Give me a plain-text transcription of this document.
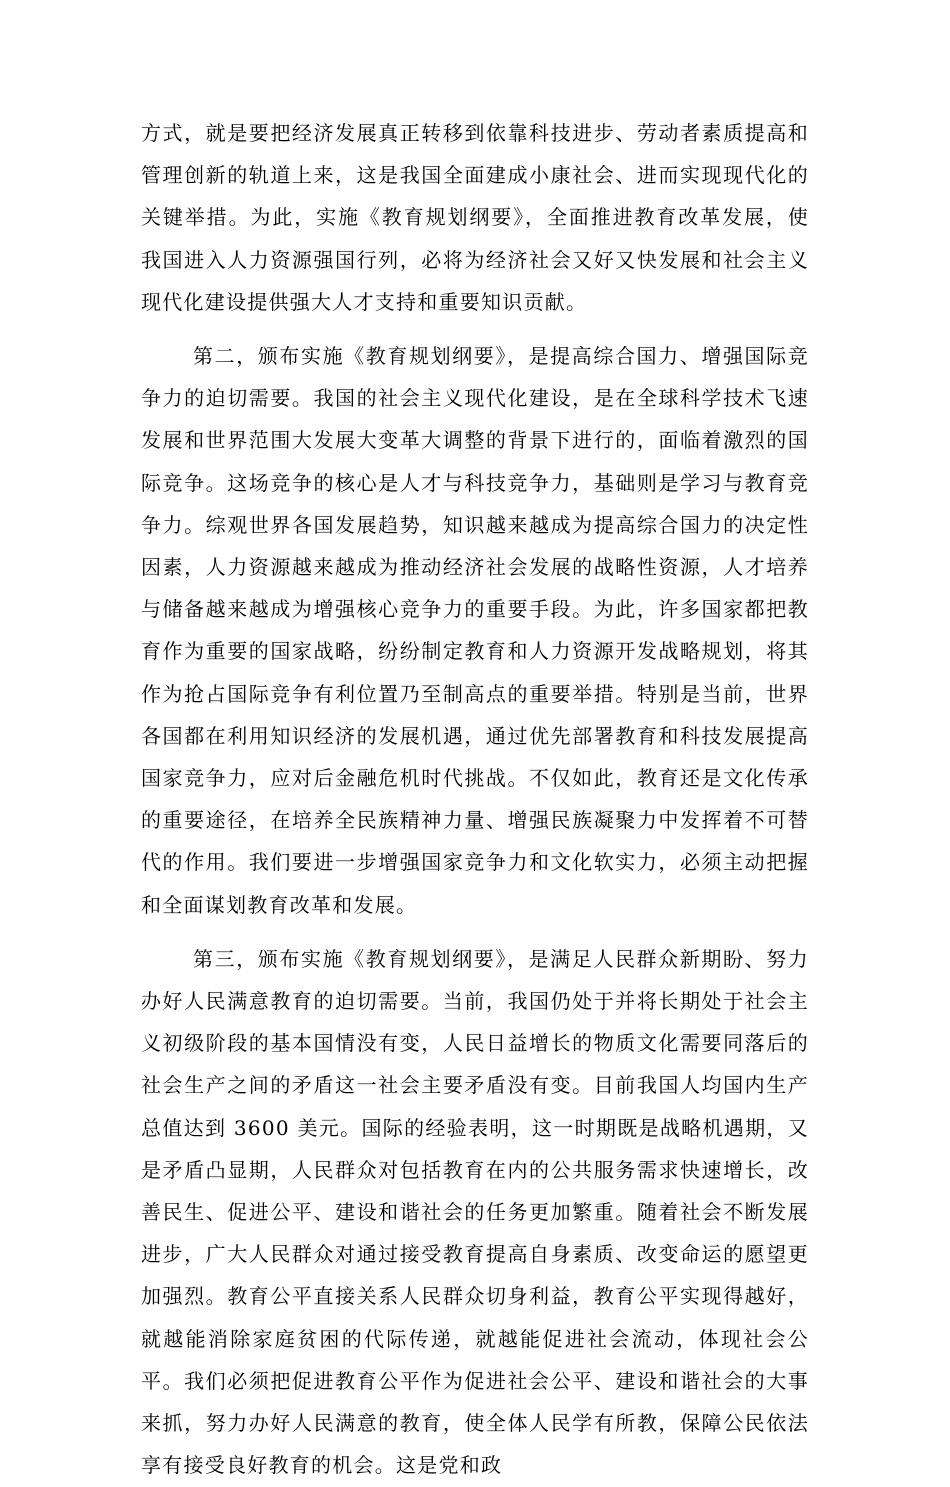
方式，就是要把经济发展真正转移到依靠科技进步、劳动者素质提高和管理创新的轨道上来，这是我国全面建成小康社会、进而实现现代化的关键举措。为此，实施《教育规划纲要》，全面推进教育改革发展，使我国进入人力资源强国行列，必将为经济社会又好又快发展和社会主义现代化建设提供强大人才支持和重要知识贡献。

第二，颁布实施《教育规划纲要》，是提高综合国力、增强国际竞争力的迫切需要。我国的社会主义现代化建设，是在全球科学技术飞速发展和世界范围大发展大变革大调整的背景下进行的，面临着激烈的国际竞争。这场竞争的核心是人才与科技竞争力，基础则是学习与教育竞争力。综观世界各国发展趋势，知识越来越成为提高综合国力的决定性因素，人力资源越来越成为推动经济社会发展的战略性资源，人才培养与储备越来越成为增强核心竞争力的重要手段。为此，许多国家都把教育作为重要的国家战略，纷纷制定教育和人力资源开发战略规划，将其作为抢占国际竞争有利位置乃至制高点的重要举措。特别是当前，世界各国都在利用知识经济的发展机遇，通过优先部署教育和科技发展提高国家竞争力，应对后金融危机时代挑战。不仅如此，教育还是文化传承的重要途径，在培养全民族精神力量、增强民族凝聚力中发挥着不可替代的作用。我们要进一步增强国家竞争力和文化软实力，必须主动把握和全面谋划教育改革和发展。

第三，颁布实施《教育规划纲要》，是满足人民群众新期盼、努力办好人民满意教育的迫切需要。当前，我国仍处于并将长期处于社会主义初级阶段的基本国情没有变，人民日益增长的物质文化需要同落后的社会生产之间的矛盾这一社会主要矛盾没有变。目前我国人均国内生产总值达到 3600 美元。国际的经验表明，这一时期既是战略机遇期，又是矛盾凸显期，人民群众对包括教育在内的公共服务需求快速增长，改善民生、促进公平、建设和谐社会的任务更加繁重。随着社会不断发展进步，广大人民群众对通过接受教育提高自身素质、改变命运的愿望更加强烈。教育公平直接关系人民群众切身利益，教育公平实现得越好，就越能消除家庭贫困的代际传递，就越能促进社会流动，体现社会公平。我们必须把促进教育公平作为促进社会公平、建设和谐社会的大事来抓，努力办好人民满意的教育，使全体人民学有所教，保障公民依法享有接受良好教育的机会。这是党和政
